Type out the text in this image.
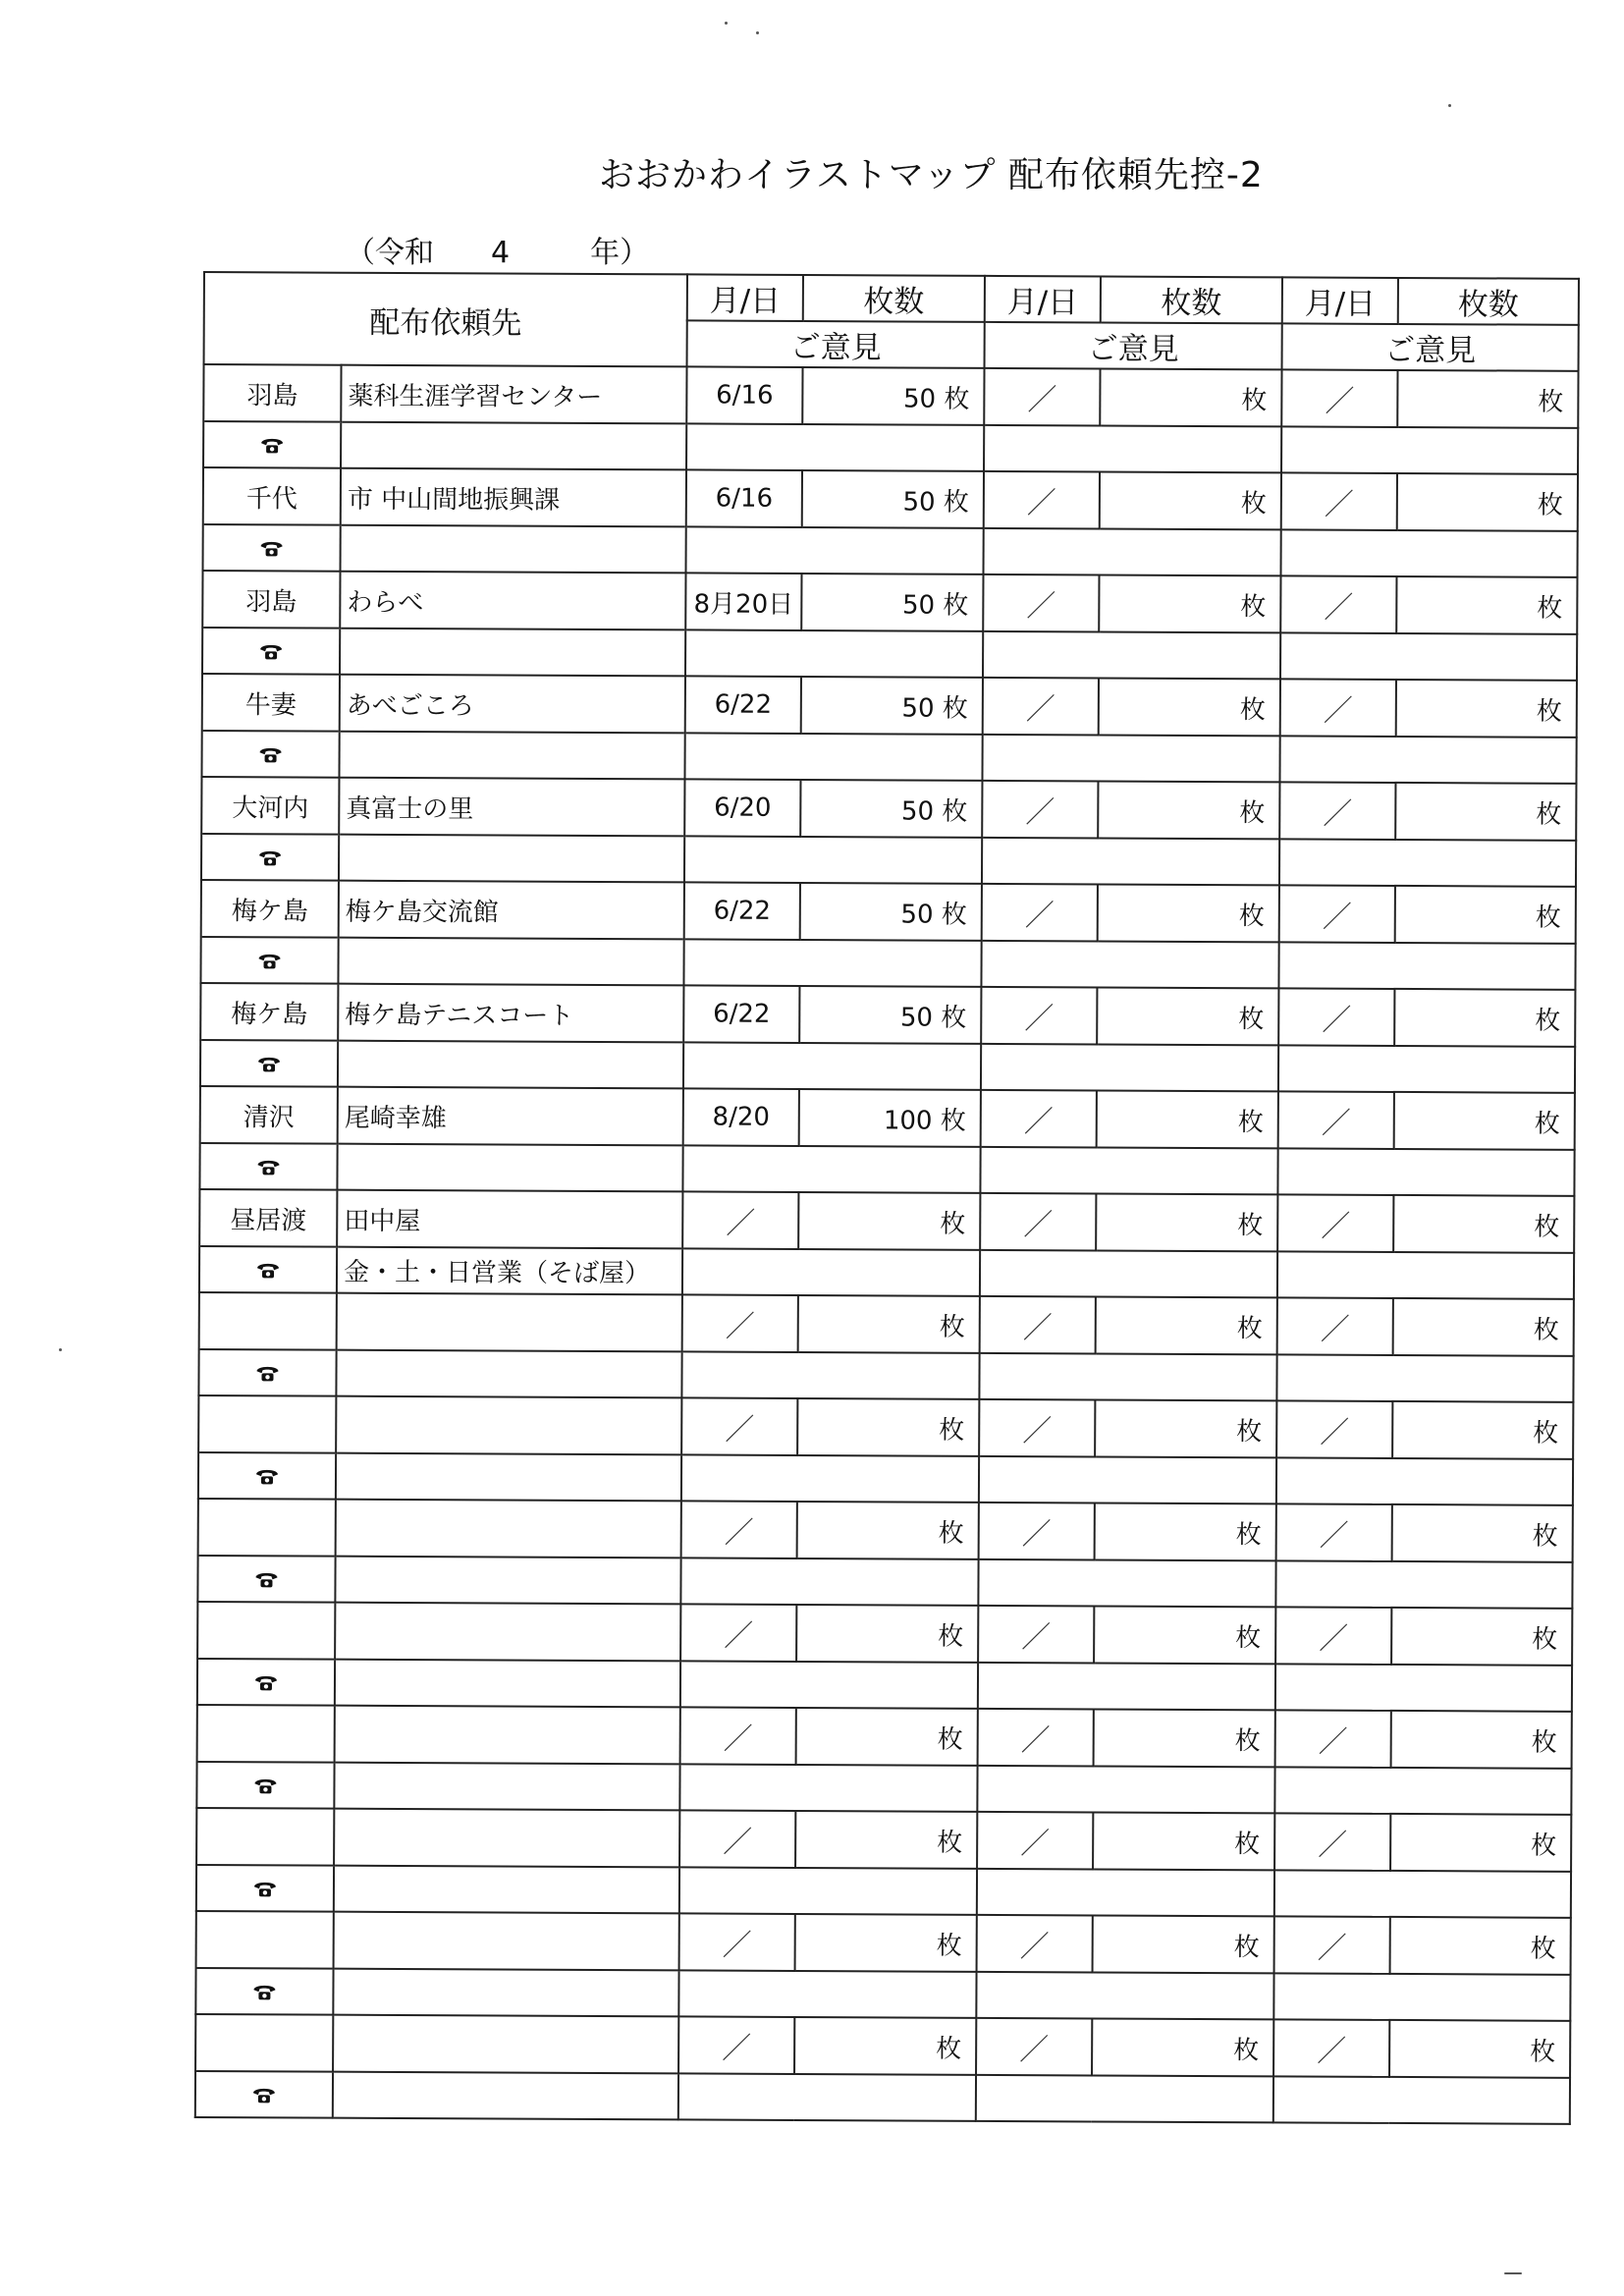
おおかわイラストマップ 配布依頼先控-2
（令和 4	年）
配布依頼先		月/日	枚数	月/日	枚数	月/日	枚数
		ご意見		ご意見		ご意見	
羽島	薬科生涯学習センター	6/16	50 枚	／	枚	／	枚

千代	市 中山間地振興課	6/16	50 枚	／	枚	／	枚

羽島	わらべ	8月20日	50 枚	／	枚	／	枚

牛妻	あべごころ	6/22	50 枚	／	枚	／	枚

大河内	真富士の里	6/20	50 枚	／	枚	／	枚

梅ケ島	梅ケ島交流館	6/22	50 枚	／	枚	／	枚

梅ケ島	梅ケ島テニスコート	6/22	50 枚	／	枚	／	枚

清沢	尾崎幸雄	8/20	100 枚	／	枚	／	枚

昼居渡	田中屋	／	枚	／	枚	／	枚
	金・土・日営業（そば屋）						
		／	枚	／	枚	／	枚

		／	枚	／	枚	／	枚

		／	枚	／	枚	／	枚

		／	枚	／	枚	／	枚

		／	枚	／	枚	／	枚

		／	枚	／	枚	／	枚

		／	枚	／	枚	／	枚

		／	枚	／	枚	／	枚
